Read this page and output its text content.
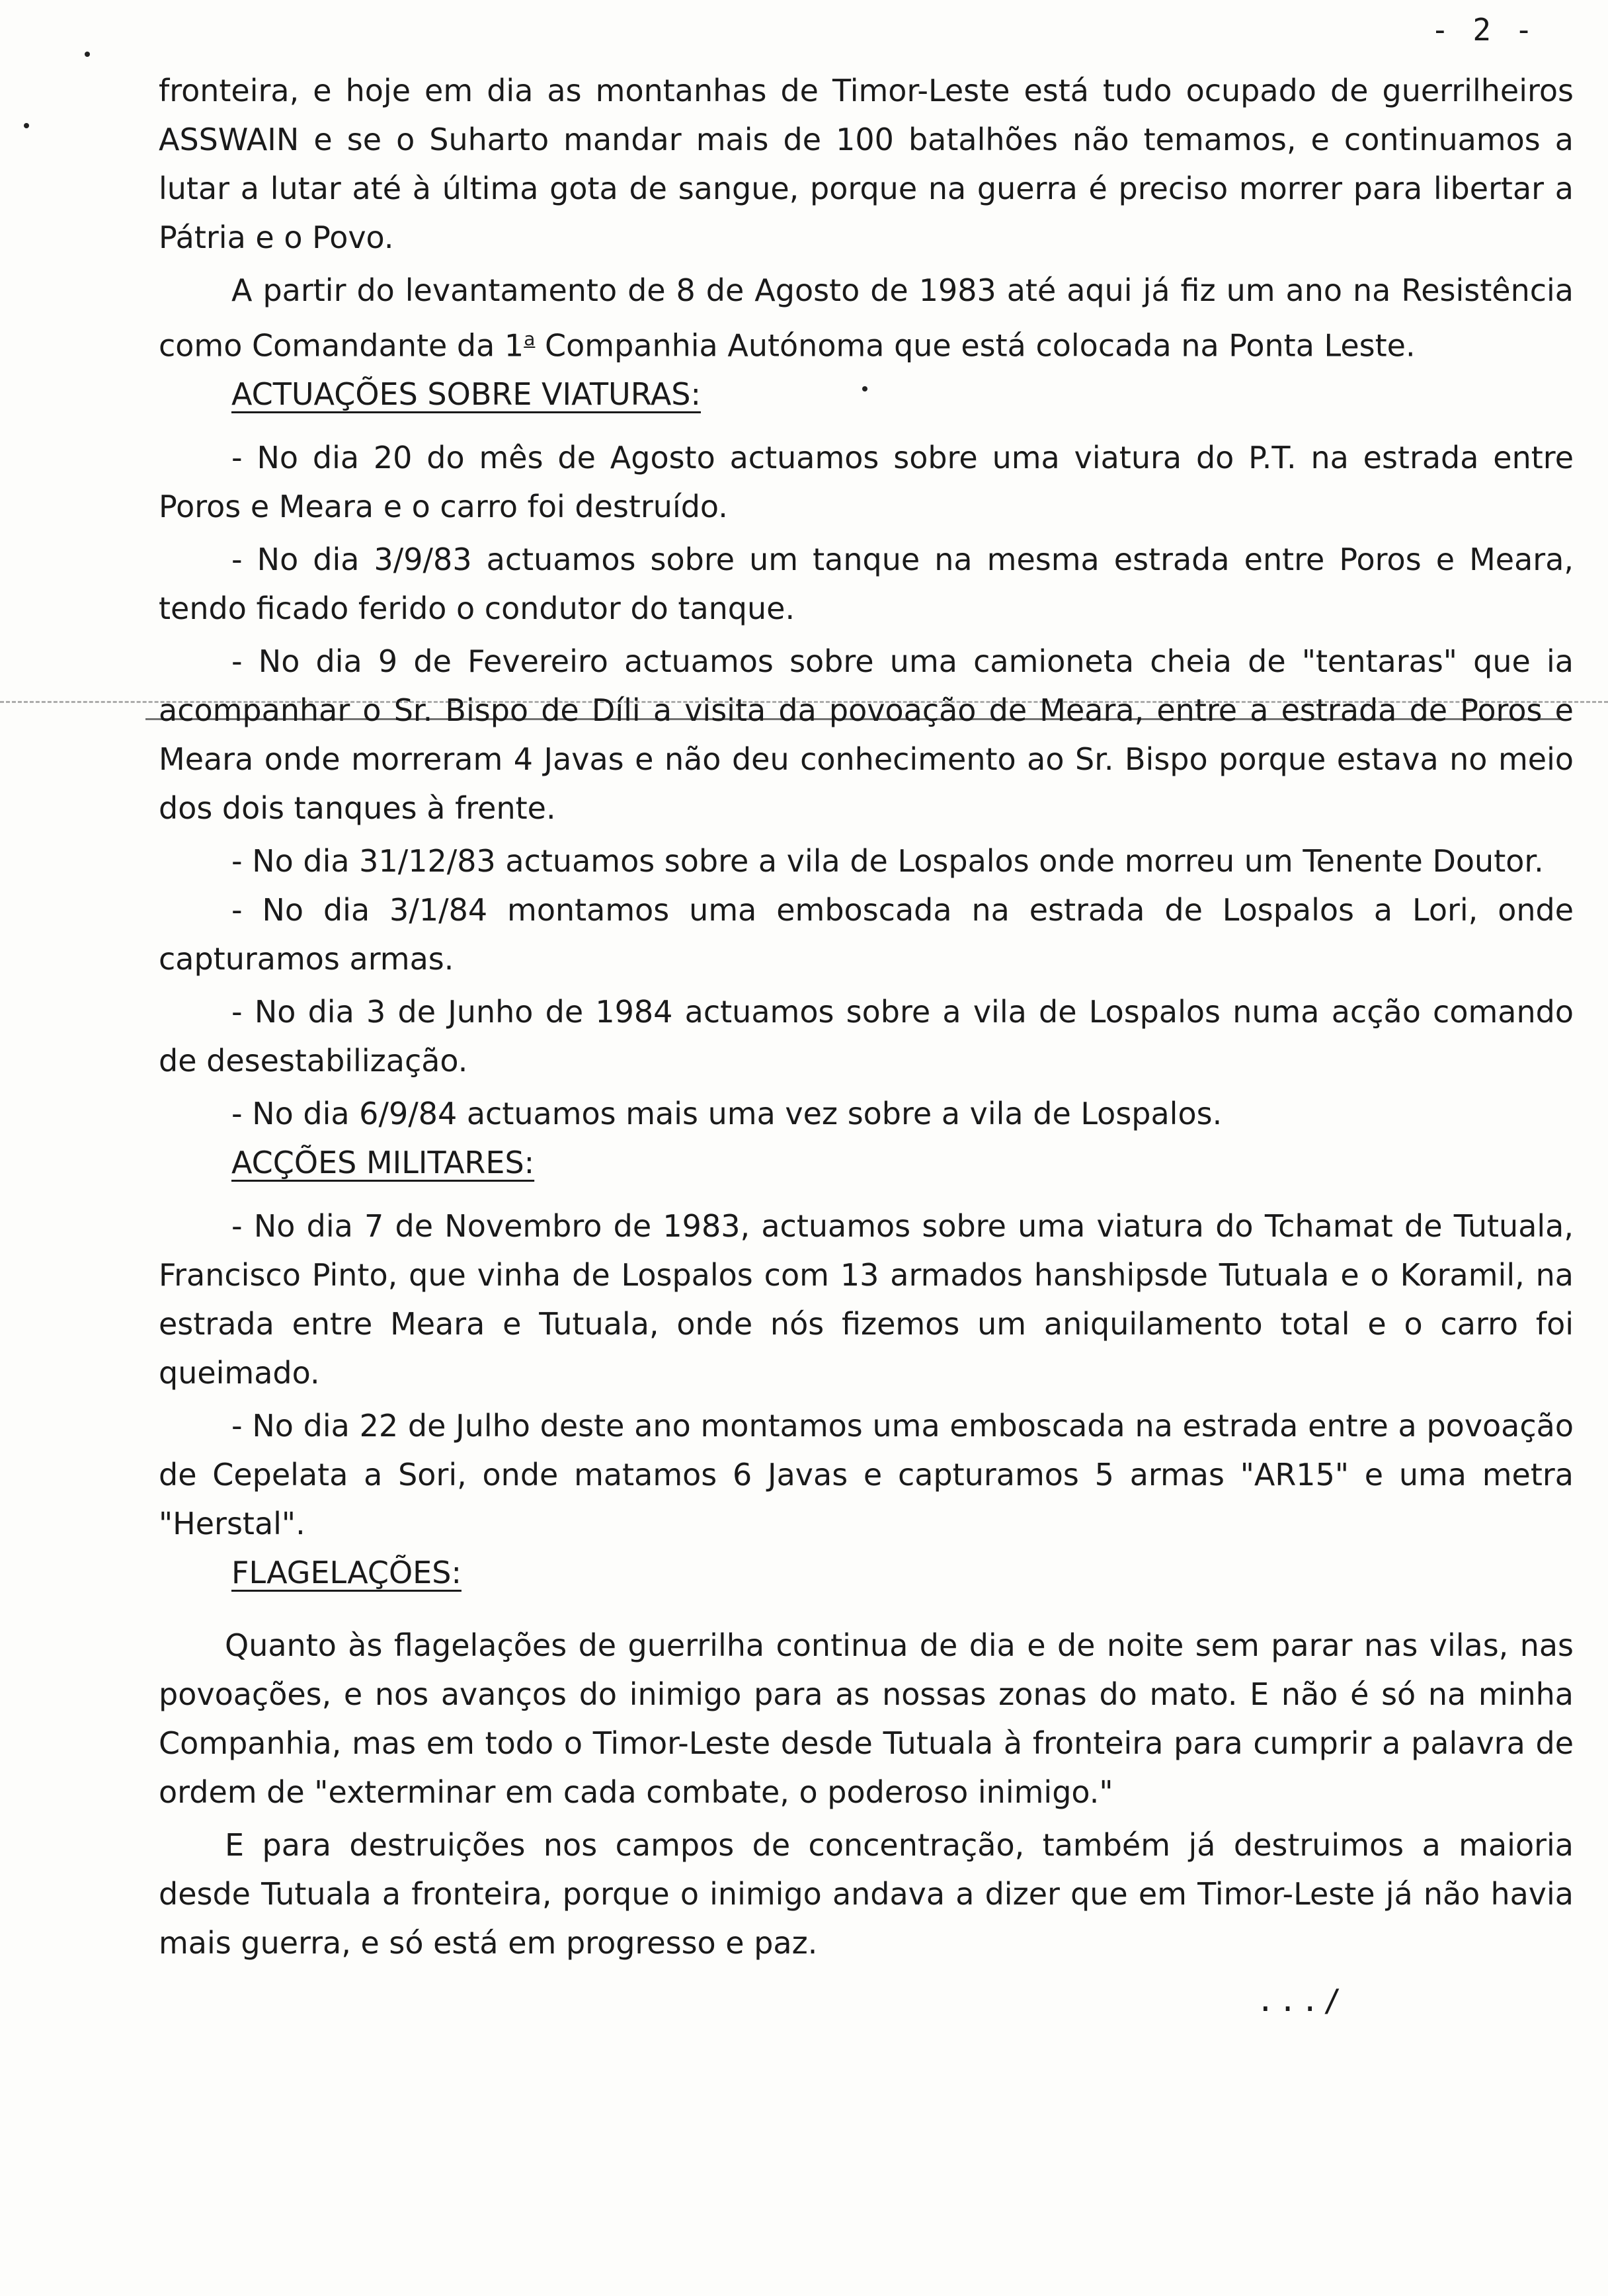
- 2 -

fronteira, e hoje em dia as montanhas de Timor-Leste está tudo ocupado de guerrilheiros ASSWAIN e se o Suharto mandar mais de 100 batalhões não temamos, e continuamos a lutar a lutar até à última gota de sangue, porque na guerra é preciso morrer para libertar a Pátria e o Povo.

A partir do levantamento de 8 de Agosto de 1983 até aqui já fiz um ano na Resistência como Comandante da 1$^a$ Companhia Autónoma que está colocada na Ponta Leste.

ACTUAÇÕES SOBRE VIATURAS:

- No dia 20 do mês de Agosto actuamos sobre uma viatura do P.T. na estrada entre Poros e Meara e o carro foi destruído.

- No dia 3/9/83 actuamos sobre um tanque na mesma estrada entre Poros e Meara, tendo ficado ferido o condutor do tanque.

- No dia 9 de Fevereiro actuamos sobre uma camioneta cheia de "tentaras" que ia acompanhar o Sr. Bispo de Díli a visita da povoação de Meara, entre a estrada de Poros e Meara onde morreram 4 Javas e não deu conhecimento ao Sr. Bispo porque estava no meio dos dois tanques à frente.

- No dia 31/12/83 actuamos sobre a vila de Lospalos onde morreu um Tenente Doutor.

- No dia 3/1/84 montamos uma emboscada na estrada de Lospalos a Lori, onde capturamos armas.

- No dia 3 de Junho de 1984 actuamos sobre a vila de Lospalos numa acção comando de desestabilização.

- No dia 6/9/84 actuamos mais uma vez sobre a vila de Lospalos.

ACÇÕES MILITARES:

- No dia 7 de Novembro de 1983, actuamos sobre uma viatura do Tchamat de Tutuala, Francisco Pinto, que vinha de Lospalos com 13 armados hanshipsde Tutuala e o Koramil, na estrada entre Meara e Tutuala, onde nós fizemos um aniquilamento total e o carro foi queimado.

- No dia 22 de Julho deste ano montamos uma emboscada na estrada entre a povoação de Cepelata a Sori, onde matamos 6 Javas e capturamos 5 armas "AR15" e uma metra "Herstal".

FLAGELAÇÕES:

Quanto às flagelações de guerrilha continua de dia e de noite sem parar nas vilas, nas povoações, e nos avanços do inimigo para as nossas zonas do mato. E não é só na minha Companhia, mas em todo o Timor-Leste desde Tutuala à fronteira para cumprir a palavra de ordem de "exterminar em cada combate, o poderoso inimigo."

E para destruições nos campos de concentração, também já destruimos a maioria desde Tutuala a fronteira, porque o inimigo andava a dizer que em Timor-Leste já não havia mais guerra, e só está em progresso e paz.

.../
